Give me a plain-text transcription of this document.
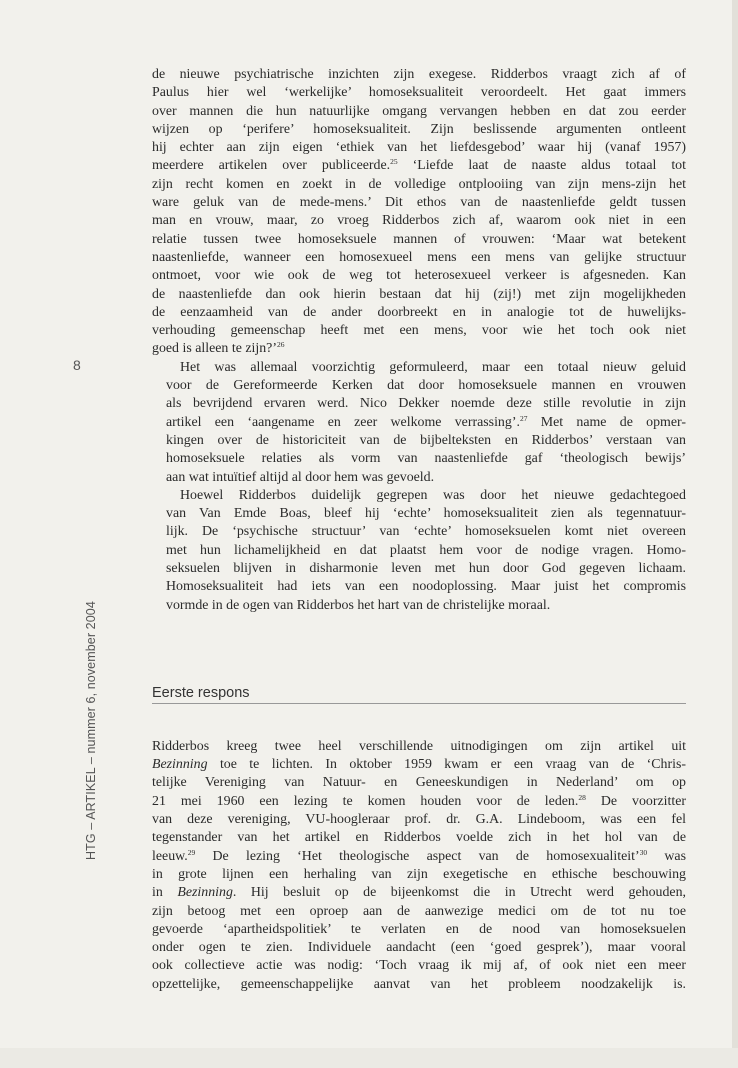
8
HTG – ARTIKEL – nummer 6, november 2004

de nieuwe psychiatrische inzichten zijn exegese. Ridderbos vraagt zich af of
Paulus hier wel ‘werkelijke’ homoseksualiteit veroordeelt. Het gaat immers
over mannen die hun natuurlijke omgang vervangen hebben en dat zou eerder
wijzen op ‘perifere’ homoseksualiteit. Zijn beslissende argumenten ontleent
hij echter aan zijn eigen ‘ethiek van het liefdesgebod’ waar hij (vanaf 1957)
meerdere artikelen over publiceerde.$^{25}$ ‘Liefde laat de naaste aldus totaal tot
zijn recht komen en zoekt in de volledige ontplooiing van zijn mens-zijn het
ware geluk van de mede-mens.’ Dit ethos van de naastenliefde geldt tussen
man en vrouw, maar, zo vroeg Ridderbos zich af, waarom ook niet in een
relatie tussen twee homoseksuele mannen of vrouwen: ‘Maar wat betekent
naastenliefde, wanneer een homosexueel mens een mens van gelijke structuur
ontmoet, voor wie ook de weg tot heterosexueel verkeer is afgesneden. Kan
de naastenliefde dan ook hierin bestaan dat hij (zij!) met zijn mogelijkheden
de eenzaamheid van de ander doorbreekt en in analogie tot de huwelijks-
verhouding gemeenschap heeft met een mens, voor wie het toch ook niet
goed is alleen te zijn?’$^{26}$

Het was allemaal voorzichtig geformuleerd, maar een totaal nieuw geluid
voor de Gereformeerde Kerken dat door homoseksuele mannen en vrouwen
als bevrijdend ervaren werd. Nico Dekker noemde deze stille revolutie in zijn
artikel een ‘aangename en zeer welkome verrassing’.$^{27}$ Met name de opmer-
kingen over de historiciteit van de bijbelteksten en Ridderbos’ verstaan van
homoseksuele relaties als vorm van naastenliefde gaf ‘theologisch bewijs’
aan wat intuïtief altijd al door hem was gevoeld.

Hoewel Ridderbos duidelijk gegrepen was door het nieuwe gedachtegoed
van Van Emde Boas, bleef hij ‘echte’ homoseksualiteit zien als tegennatuur-
lijk. De ‘psychische structuur’ van ‘echte’ homoseksuelen komt niet overeen
met hun lichamelijkheid en dat plaatst hem voor de nodige vragen. Homo-
seksuelen blijven in disharmonie leven met hun door God gegeven lichaam.
Homoseksualiteit had iets van een noodoplossing. Maar juist het compromis
vormde in de ogen van Ridderbos het hart van de christelijke moraal.

Eerste respons

Ridderbos kreeg twee heel verschillende uitnodigingen om zijn artikel uit
Bezinning toe te lichten. In oktober 1959 kwam er een vraag van de ‘Chris-
telijke Vereniging van Natuur- en Geneeskundigen in Nederland’ om op
21 mei 1960 een lezing te komen houden voor de leden.$^{28}$ De voorzitter
van deze vereniging, VU-hoogleraar prof. dr. G.A. Lindeboom, was een fel
tegenstander van het artikel en Ridderbos voelde zich in het hol van de
leeuw.$^{29}$ De lezing ‘Het theologische aspect van de homosexualiteit’$^{30}$ was
in grote lijnen een herhaling van zijn exegetische en ethische beschouwing
in Bezinning. Hij besluit op de bijeenkomst die in Utrecht werd gehouden,
zijn betoog met een oproep aan de aanwezige medici om de tot nu toe
gevoerde ‘apartheidspolitiek’ te verlaten en de nood van homoseksuelen
onder ogen te zien. Individuele aandacht (een ‘goed gesprek’), maar vooral
ook collectieve actie was nodig: ‘Toch vraag ik mij af, of ook niet een meer
opzettelijke, gemeenschappelijke aanvat van het probleem noodzakelijk is.
